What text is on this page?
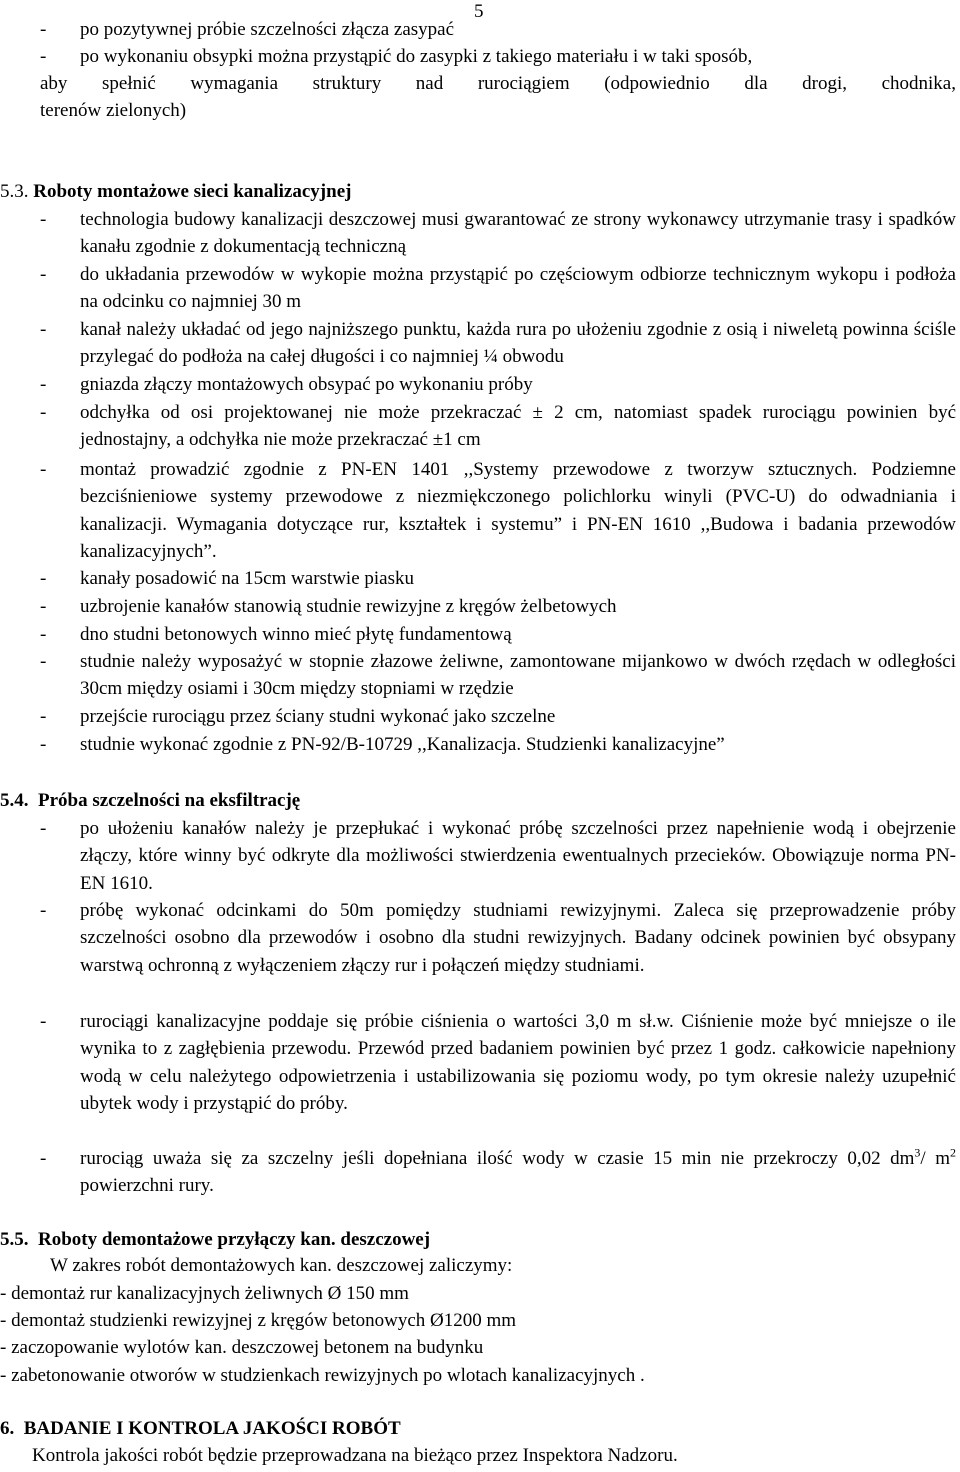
5
- po pozytywnej próbie szczelności złącza zasypać
- po wykonaniu obsypki można przystąpić do zasypki z takiego materiału i w taki sposób,
aby spełnić wymagania struktury nad rurociągiem (odpowiednio dla drogi, chodnika,
terenów zielonych)
5.3. Roboty montażowe sieci kanalizacyjnej
- technologia budowy kanalizacji deszczowej musi gwarantować ze strony wykonawcy utrzymanie trasy i spadków kanału zgodnie z dokumentacją techniczną
- do układania przewodów w wykopie można przystąpić po częściowym odbiorze technicznym wykopu i podłoża na odcinku co najmniej 30 m
- kanał należy układać od jego najniższego punktu, każda rura po ułożeniu zgodnie z osią i niweletą powinna ściśle przylegać do podłoża na całej długości i co najmniej ¼ obwodu
- gniazda złączy montażowych obsypać po wykonaniu próby
- odchyłka od osi projektowanej nie może przekraczać ± 2 cm, natomiast spadek rurociągu powinien być jednostajny, a odchyłka nie może przekraczać ±1 cm
- montaż prowadzić zgodnie z PN-EN 1401 ,,Systemy przewodowe z tworzyw sztucznych. Podziemne bezciśnieniowe systemy przewodowe z niezmiękczonego polichlorku winyli (PVC-U) do odwadniania i kanalizacji. Wymagania dotyczące rur, kształtek i systemu” i PN-EN 1610 ,,Budowa i badania przewodów kanalizacyjnych”.
- kanały posadowić na 15cm warstwie piasku
- uzbrojenie kanałów stanowią studnie rewizyjne z kręgów żelbetowych
- dno studni betonowych winno mieć płytę fundamentową
- studnie należy wyposażyć w stopnie złazowe żeliwne, zamontowane mijankowo w dwóch rzędach w odległości 30cm między osiami i 30cm między stopniami w rzędzie
- przejście rurociągu przez ściany studni wykonać jako szczelne
- studnie wykonać zgodnie z PN-92/B-10729 ,,Kanalizacja. Studzienki kanalizacyjne”
5.4. Próba szczelności na eksfiltrację
- po ułożeniu kanałów należy je przepłukać i wykonać próbę szczelności przez napełnienie wodą i obejrzenie złączy, które winny być odkryte dla możliwości stwierdzenia ewentualnych przecieków. Obowiązuje norma PN-EN 1610.
- próbę wykonać odcinkami do 50m pomiędzy studniami rewizyjnymi. Zaleca się przeprowadzenie próby szczelności osobno dla przewodów i osobno dla studni rewizyjnych. Badany odcinek powinien być obsypany warstwą ochronną z wyłączeniem złączy rur i połączeń między studniami.
- rurociągi kanalizacyjne poddaje się próbie ciśnienia o wartości 3,0 m sł.w. Ciśnienie może być mniejsze o ile wynika to z zagłębienia przewodu. Przewód przed badaniem powinien być przez 1 godz. całkowicie napełniony wodą w celu należytego odpowietrzenia i ustabilizowania się poziomu wody, po tym okresie należy uzupełnić ubytek wody i przystąpić do próby.
- rurociąg uważa się za szczelny jeśli dopełniana ilość wody w czasie 15 min nie przekroczy 0,02 $dm^3/$ $m^2$ powierzchni rury.
5.5. Roboty demontażowe przyłączy kan. deszczowej
W zakres robót demontażowych kan. deszczowej zaliczymy:
- demontaż rur kanalizacyjnych żeliwnych Ø 150 mm
- demontaż studzienki rewizyjnej z kręgów betonowych Ø1200 mm
- zaczopowanie wylotów kan. deszczowej betonem na budynku
- zabetonowanie otworów w studzienkach rewizyjnych po wlotach kanalizacyjnych .
6. BADANIE I KONTROLA JAKOŚCI ROBÓT
Kontrola jakości robót będzie przeprowadzana na bieżąco przez Inspektora Nadzoru.
